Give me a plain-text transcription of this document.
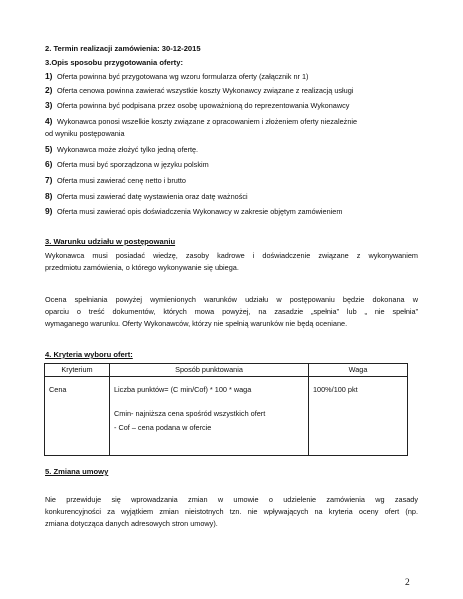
2. Termin realizacji zamówienia: 30-12-2015
3.Opis sposobu przygotowania oferty:
1) Oferta powinna być przygotowana wg wzoru formularza oferty (załącznik nr 1)
2) Oferta cenowa powinna zawierać wszystkie koszty Wykonawcy związane z realizacją usługi
3) Oferta powinna być podpisana przez osobę upoważnioną do reprezentowania Wykonawcy
4) Wykonawca ponosi wszelkie koszty związane z opracowaniem i złożeniem oferty niezależnie
od wyniku postępowania
5) Wykonawca może złożyć tylko jedną ofertę.
6) Oferta musi być sporządzona w języku polskim
7) Oferta musi zawierać cenę netto i brutto
8) Oferta musi zawierać datę wystawienia oraz datę ważności
9) Oferta musi zawierać opis doświadczenia Wykonawcy w zakresie objętym zamówieniem
3. Warunku udziału w postępowaniu
Wykonawca musi posiadać wiedzę, zasoby kadrowe i doświadczenie związane z wykonywaniem
przedmiotu zamówienia, o którego wykonywanie się ubiega.
Ocena spełniania powyżej wymienionych warunków udziału w postępowaniu będzie dokonana w
oparciu o treść dokumentów, których mowa powyżej, na zasadzie „spełnia” lub „ nie spełnia”
wymaganego warunku. Oferty Wykonawców, którzy nie spełnią warunków nie będą oceniane.
4. Kryteria wyboru ofert:
Kryterium	Sposób punktowania	Waga
Cena	Liczba punktów= (C min/Cof) * 100 * waga
Cmin- najniższa cena spośród wszystkich ofert
- Cof – cena podana w ofercie	100%/100 pkt
5. Zmiana umowy
Nie przewiduje się wprowadzania zmian w umowie o udzielenie zamówienia wg zasady
konkurencyjności za wyjątkiem zmian nieistotnych tzn. nie wpływających na kryteria oceny ofert (np.
zmiana dotycząca danych adresowych stron umowy).
2
